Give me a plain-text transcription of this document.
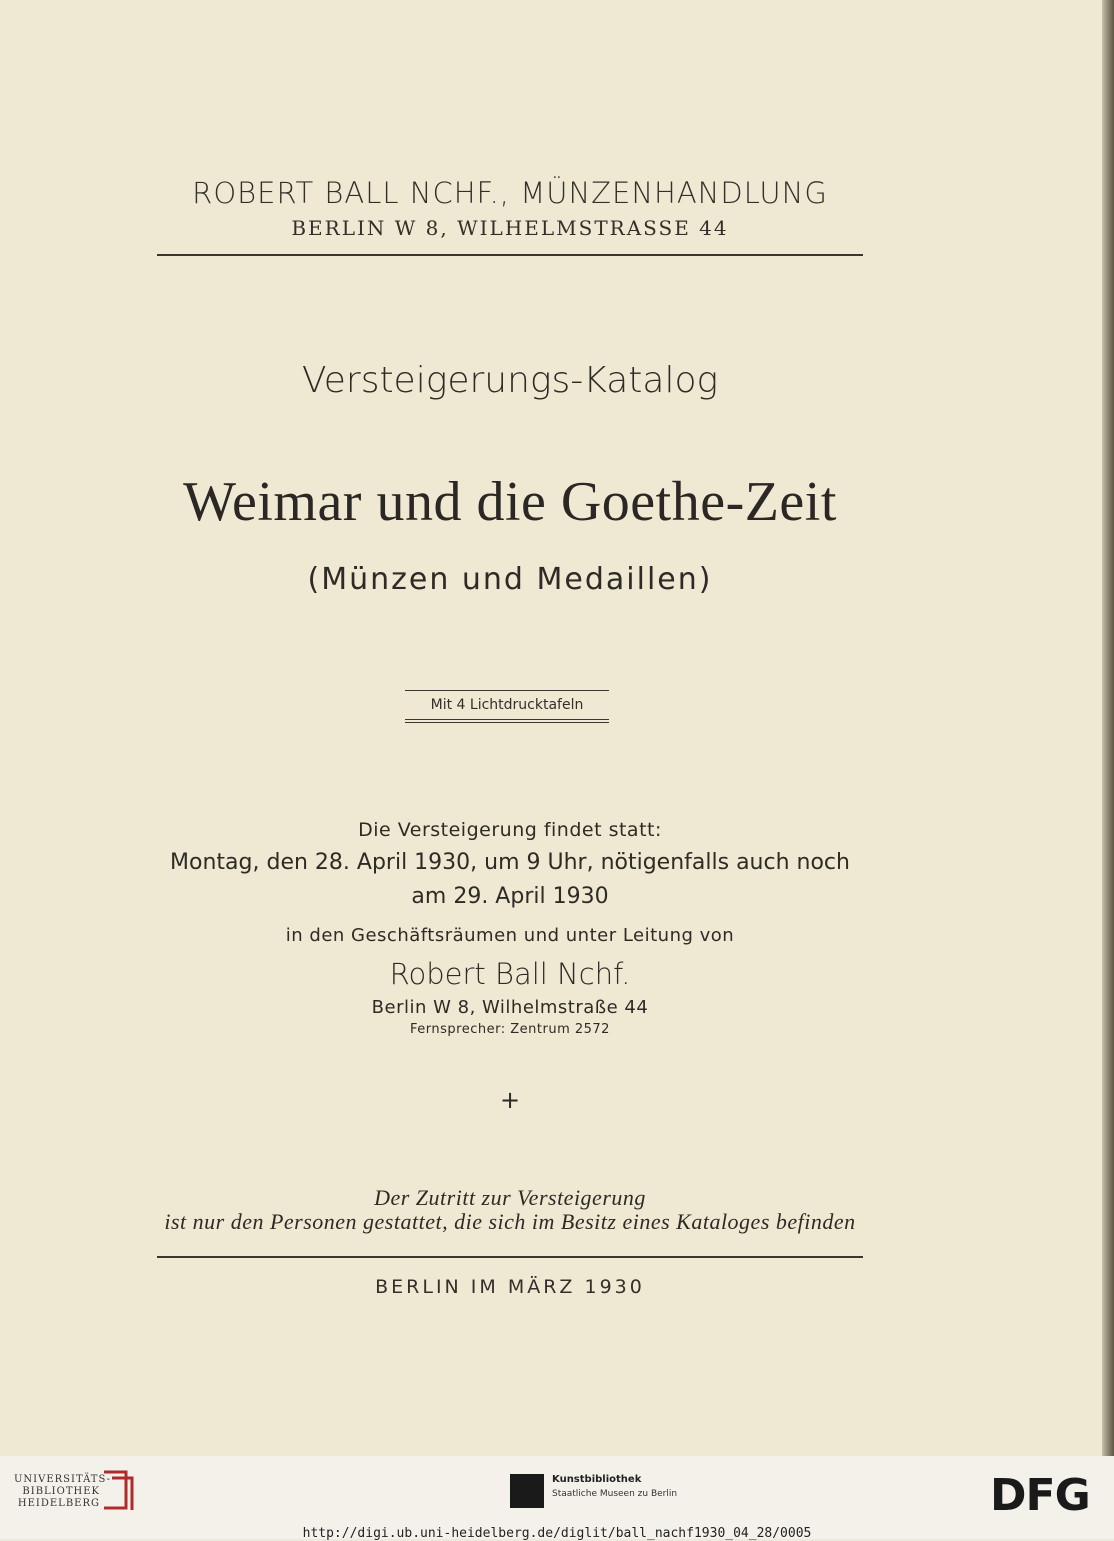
ROBERT BALL NCHF., MÜNZENHANDLUNG
BERLIN W 8, WILHELMSTRASSE 44
Versteigerungs-Katalog
Weimar und die Goethe-Zeit
(Münzen und Medaillen)
Mit 4 Lichtdrucktafeln
Die Versteigerung findet statt:
Montag, den 28. April 1930, um 9 Uhr, nötigenfalls auch noch
am 29. April 1930
in den Geschäftsräumen und unter Leitung von
Robert Ball Nchf.
Berlin W 8, Wilhelmstraße 44
Fernsprecher: Zentrum 2572
+
Der Zutritt zur Versteigerung
ist nur den Personen gestattet, die sich im Besitz eines Kataloges befinden
BERLIN IM MÄRZ 1930
UNIVERSITÄTS-
BIBLIOTHEK
HEIDELBERG
Kunstbibliothek
Staatliche Museen zu Berlin	DFG
http://digi.ub.uni-heidelberg.de/diglit/ball_nachf1930_04_28/0005
